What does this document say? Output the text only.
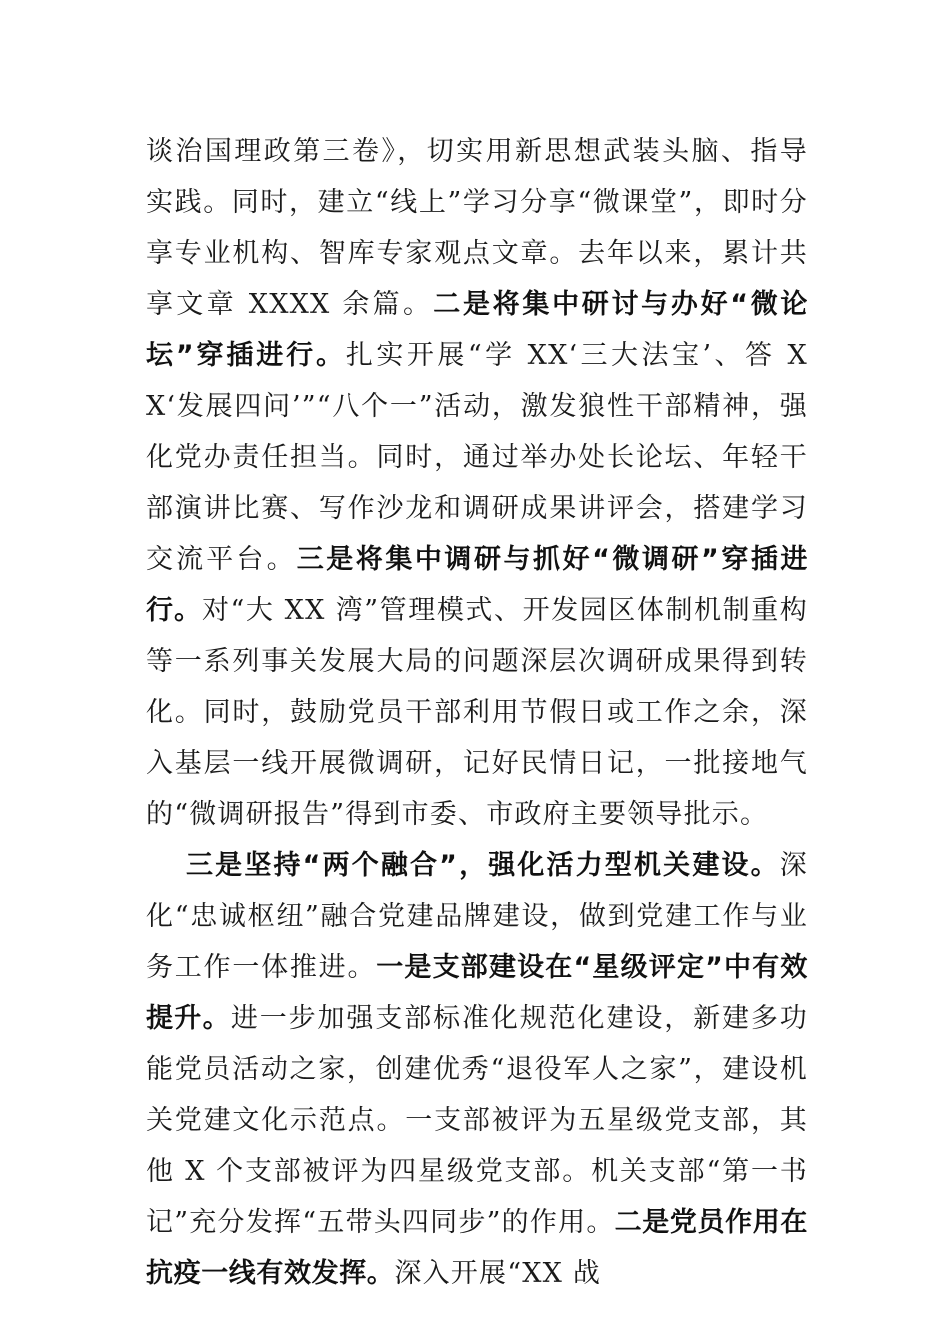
谈治国理政第三卷》，切实用新思想武装头脑、指导实践。同时，建立“线上”学习分享“微课堂”，即时分享专业机构、智库专家观点文章。去年以来，累计共享文章 XXXX 余篇。二是将集中研讨与办好“微论坛”穿插进行。扎实开展“学 XX‘三大法宝’、答 XX‘发展四问’”“八个一”活动，激发狼性干部精神，强化党办责任担当。同时，通过举办处长论坛、年轻干部演讲比赛、写作沙龙和调研成果讲评会，搭建学习交流平台。三是将集中调研与抓好“微调研”穿插进行。对“大 XX 湾”管理模式、开发园区体制机制重构等一系列事关发展大局的问题深层次调研成果得到转化。同时，鼓励党员干部利用节假日或工作之余，深入基层一线开展微调研，记好民情日记，一批接地气的“微调研报告”得到市委、市政府主要领导批示。

三是坚持“两个融合”，强化活力型机关建设。深化“忠诚枢纽”融合党建品牌建设，做到党建工作与业务工作一体推进。一是支部建设在“星级评定”中有效提升。进一步加强支部标准化规范化建设，新建多功能党员活动之家，创建优秀“退役军人之家”，建设机关党建文化示范点。一支部被评为五星级党支部，其他 X 个支部被评为四星级党支部。机关支部“第一书记”充分发挥“五带头四同步”的作用。二是党员作用在抗疫一线有效发挥。深入开展“XX 战
